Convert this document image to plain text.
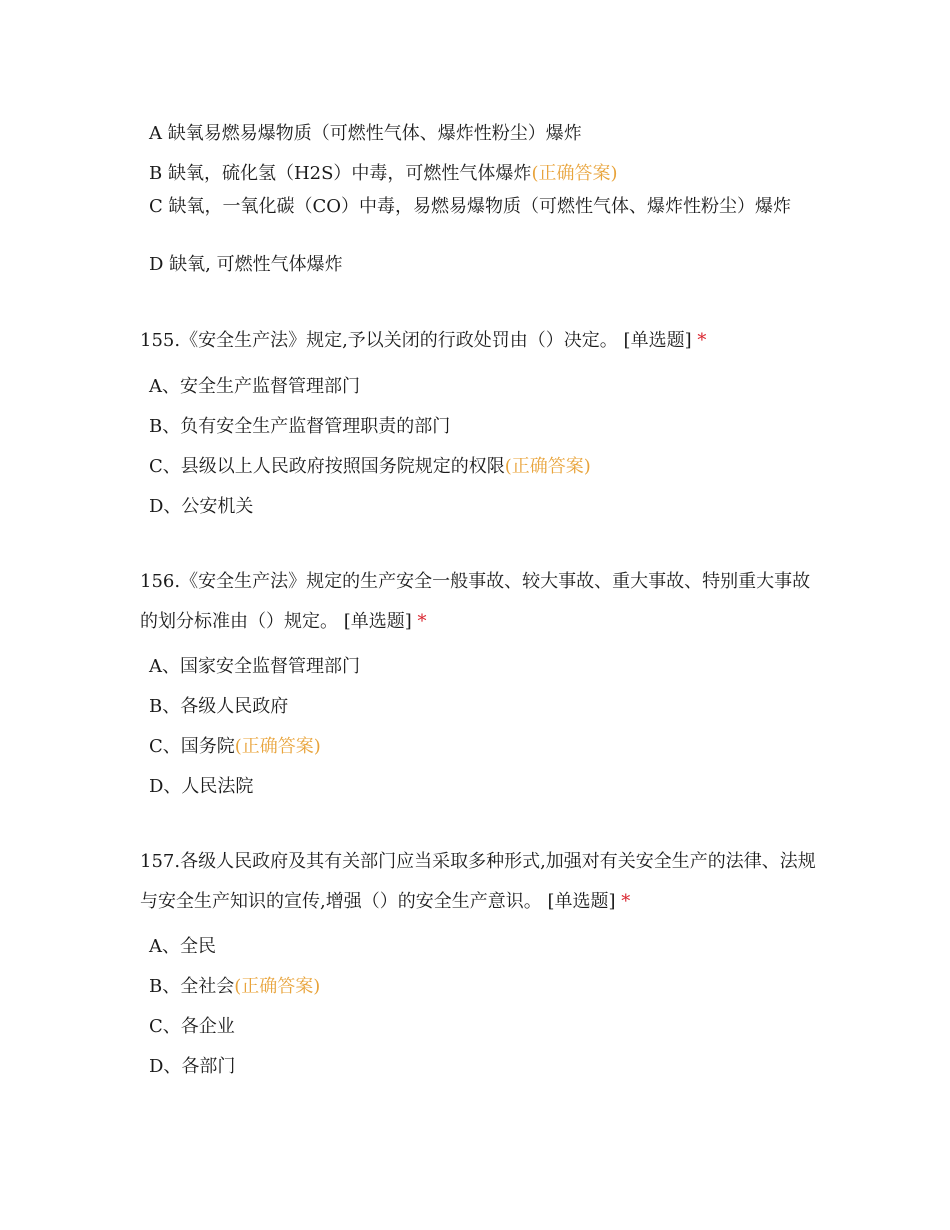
A 缺氧易燃易爆物质（可燃性气体、爆炸性粉尘）爆炸
B 缺氧，硫化氢（H2S）中毒，可燃性气体爆炸(正确答案)
C 缺氧，一氧化碳（CO）中毒，易燃易爆物质（可燃性气体、爆炸性粉尘）爆炸
D 缺氧, 可燃性气体爆炸
155.《安全生产法》规定,予以关闭的行政处罚由（）决定。 [单选题] *
A、安全生产监督管理部门
B、负有安全生产监督管理职责的部门
C、县级以上人民政府按照国务院规定的权限(正确答案)
D、公安机关
156.《安全生产法》规定的生产安全一般事故、较大事故、重大事故、特别重大事故的划分标准由（）规定。 [单选题] *
A、国家安全监督管理部门
B、各级人民政府
C、国务院(正确答案)
D、人民法院
157.各级人民政府及其有关部门应当采取多种形式,加强对有关安全生产的法律、法规与安全生产知识的宣传,增强（）的安全生产意识。 [单选题] *
A、全民
B、全社会(正确答案)
C、各企业
D、各部门
